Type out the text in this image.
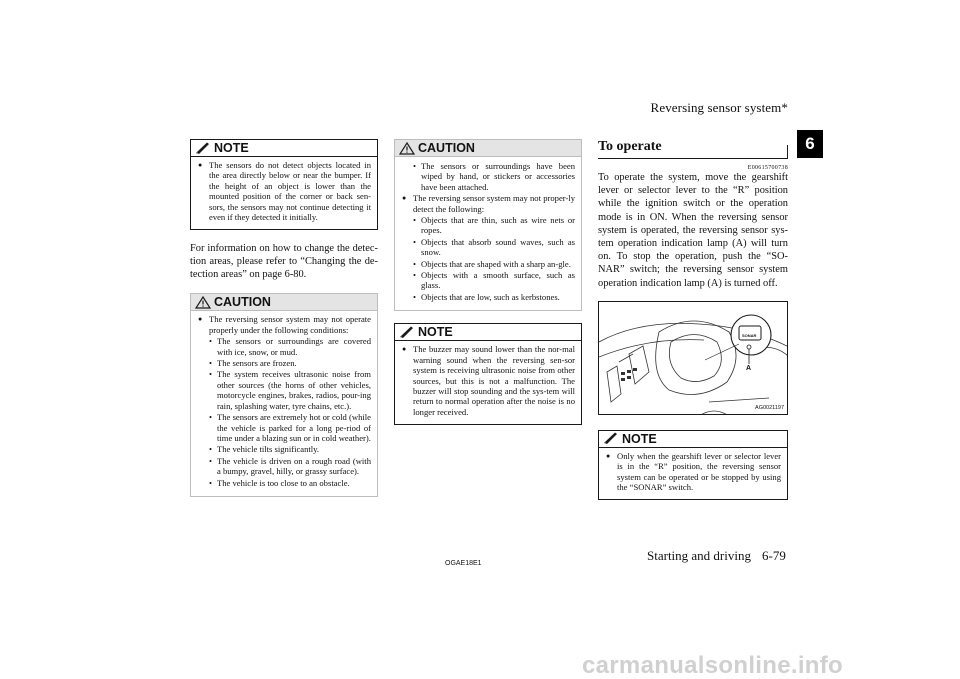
Reversing sensor system*
6
NOTE
● The sensors do not detect objects located in the area directly below or near the bumper. If the height of an object is lower than the mounted position of the corner or back sen-sors, the sensors may not continue detecting it even if they detected it initially.

For information on how to change the detec-tion areas, please refer to “Changing the de-tection areas” on page 6-80.

CAUTION
● The reversing sensor system may not operate properly under the following conditions:
• The sensors or surroundings are covered with ice, snow, or mud.
• The sensors are frozen.
• The system receives ultrasonic noise from other sources (the horns of other vehicles, motorcycle engines, brakes, radios, pour-ing rain, splashing water, tyre chains, etc.).
• The sensors are extremely hot or cold (while the vehicle is parked for a long pe-riod of time under a blazing sun or in cold weather).
• The vehicle tilts significantly.
• The vehicle is driven on a rough road (with a bumpy, gravel, hilly, or grassy surface).
• The vehicle is too close to an obstacle.
CAUTION
• The sensors or surroundings have been wiped by hand, or stickers or accessories have been attached.
● The reversing sensor system may not proper-ly detect the following:
• Objects that are thin, such as wire nets or ropes.
• Objects that absorb sound waves, such as snow.
• Objects that are shaped with a sharp an-gle.
• Objects with a smooth surface, such as glass.
• Objects that are low, such as kerbstones.
NOTE
● The buzzer may sound lower than the nor-mal warning sound when the reversing sen-sor system is receiving ultrasonic noise from other sources, but this is not a malfunction. The buzzer will stop sounding and the sys-tem will return to normal operation after the noise is no longer received.
To operate
E00615700738

To operate the system, move the gearshift lever or selector lever to the “R” position while the ignition switch or the operation mode is in ON. When the reversing sensor system is operated, the reversing sensor sys-tem operation indication lamp (A) will turn on. To stop the operation, push the “SO-NAR” switch; the reversing sensor system operation indication lamp (A) is turned off.

SONAR
A
AG0021197
NOTE
● Only when the gearshift lever or selector lever is in the “R” position, the reversing sensor system can be operated or be stopped by using the “SONAR” switch.
OGAE18E1
Starting and driving 6-79
carmanualsonline.info
